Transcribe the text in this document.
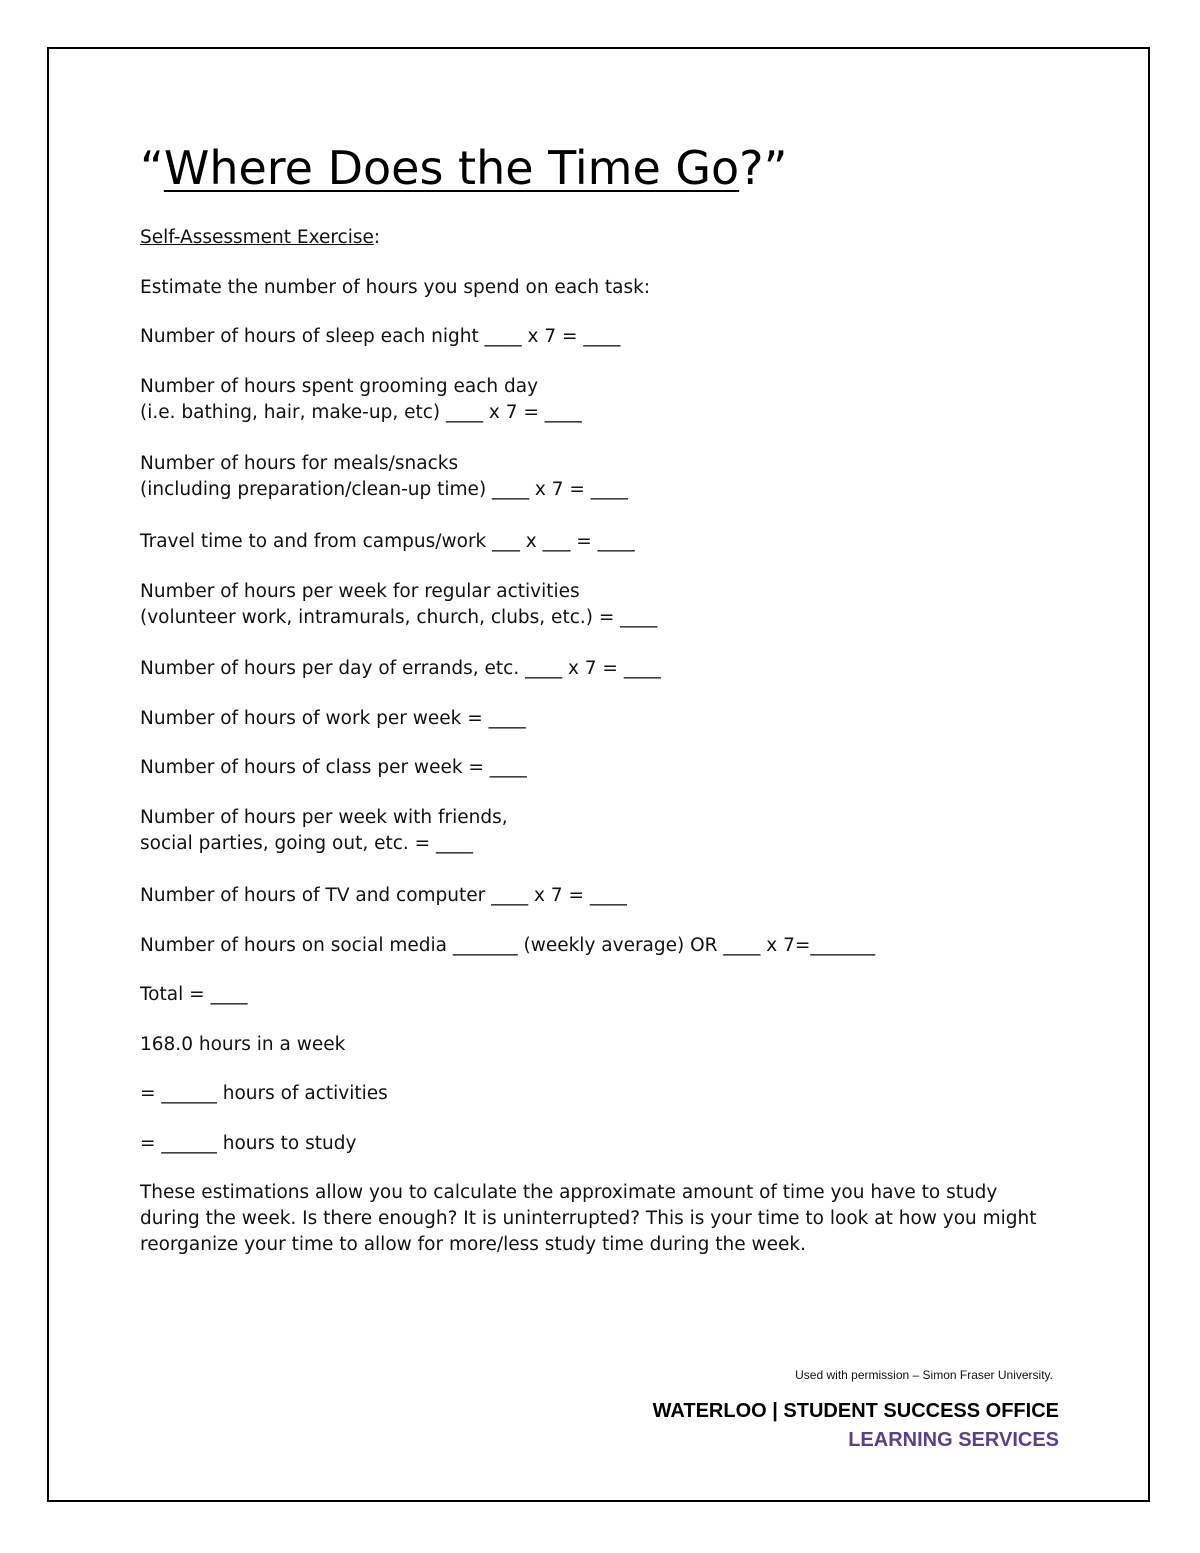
“Where Does the Time Go?”
Self-Assessment Exercise:
Estimate the number of hours you spend on each task:
Number of hours of sleep each night ____ x 7 = ____
Number of hours spent grooming each day
(i.e. bathing, hair, make-up, etc) ____ x 7 = ____
Number of hours for meals/snacks
(including preparation/clean-up time) ____ x 7 = ____
Travel time to and from campus/work ___ x ___ = ____
Number of hours per week for regular activities
(volunteer work, intramurals, church, clubs, etc.) = ____
Number of hours per day of errands, etc. ____ x 7 = ____
Number of hours of work per week = ____
Number of hours of class per week = ____
Number of hours per week with friends,
social parties, going out, etc. = ____
Number of hours of TV and computer ____ x 7 = ____
Number of hours on social media _______ (weekly average) OR ____ x 7=_______
Total = ____
168.0 hours in a week
= ______ hours of activities
= ______ hours to study
These estimations allow you to calculate the approximate amount of time you have to study during the week. Is there enough? It is uninterrupted? This is your time to look at how you might reorganize your time to allow for more/less study time during the week.
Used with permission – Simon Fraser University.
WATERLOO | STUDENT SUCCESS OFFICE
LEARNING SERVICES
